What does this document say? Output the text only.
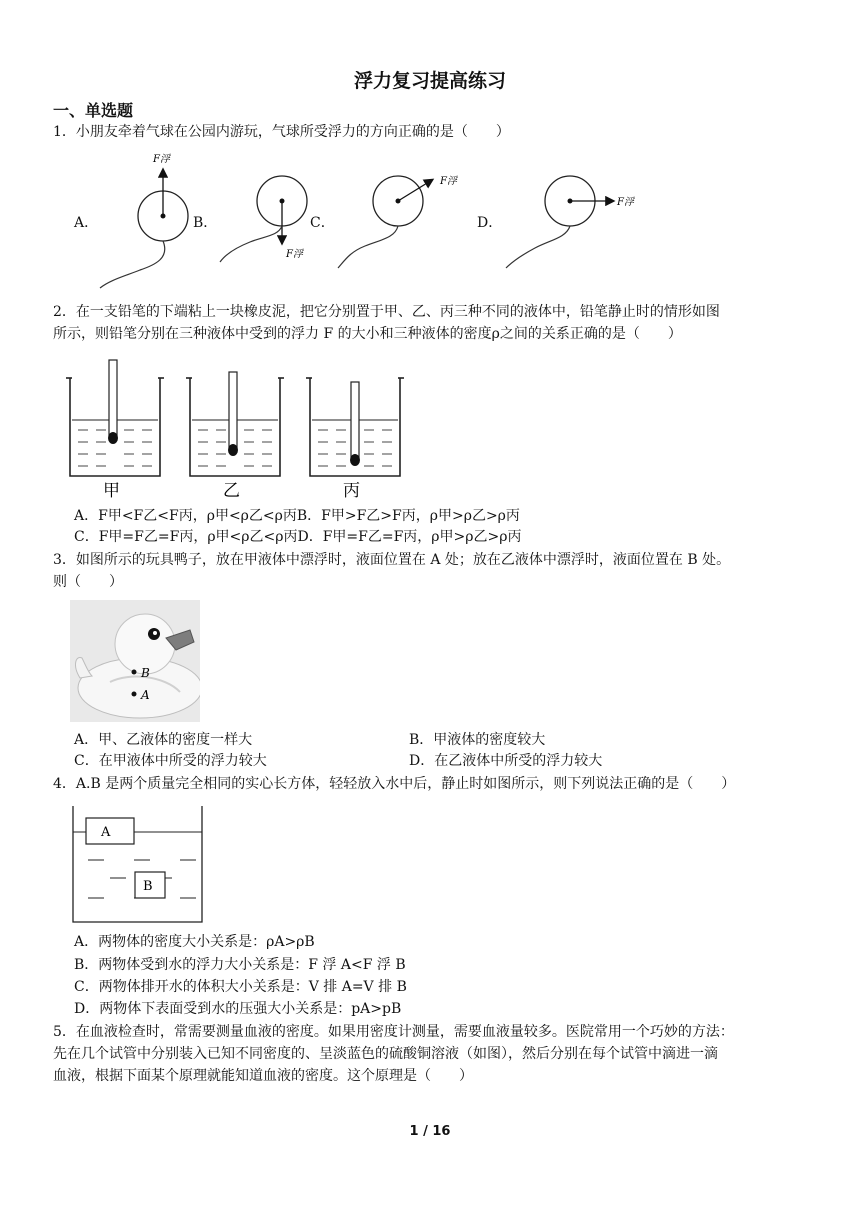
浮力复习提高练习
一、单选题
1．小朋友牵着气球在公园内游玩，气球所受浮力的方向正确的是（　　）
A．	B．	C．	D．
F浮
F浮
F浮
F浮
2．在一支铅笔的下端粘上一块橡皮泥，把它分别置于甲、乙、丙三种不同的液体中，铅笔静止时的情形如图
所示，则铅笔分别在三种液体中受到的浮力 F 的大小和三种液体的密度ρ之间的关系正确的是（　　）
甲	乙	丙
A．F甲<F乙<F丙，ρ甲<ρ乙<ρ丙B．F甲>F乙>F丙，ρ甲>ρ乙>ρ丙
C．F甲=F乙=F丙，ρ甲<ρ乙<ρ丙D．F甲=F乙=F丙，ρ甲>ρ乙>ρ丙
3．如图所示的玩具鸭子，放在甲液体中漂浮时，液面位置在 A 处；放在乙液体中漂浮时，液面位置在 B 处。
则（　　）
B
A
A．甲、乙液体的密度一样大	B．甲液体的密度较大
C．在甲液体中所受的浮力较大	D．在乙液体中所受的浮力较大
4．A.B 是两个质量完全相同的实心长方体，轻轻放入水中后，静止时如图所示，则下列说法正确的是（　　）
A
B
A．两物体的密度大小关系是：ρA>ρB
B．两物体受到水的浮力大小关系是：F 浮 A<F 浮 B
C．两物体排开水的体积大小关系是：V 排 A=V 排 B
D．两物体下表面受到水的压强大小关系是：pA>pB
5．在血液检查时，常需要测量血液的密度。如果用密度计测量，需要血液量较多。医院常用一个巧妙的方法：
先在几个试管中分别装入已知不同密度的、呈淡蓝色的硫酸铜溶液（如图），然后分别在每个试管中滴进一滴
血液，根据下面某个原理就能知道血液的密度。这个原理是（　　）
1 / 16
